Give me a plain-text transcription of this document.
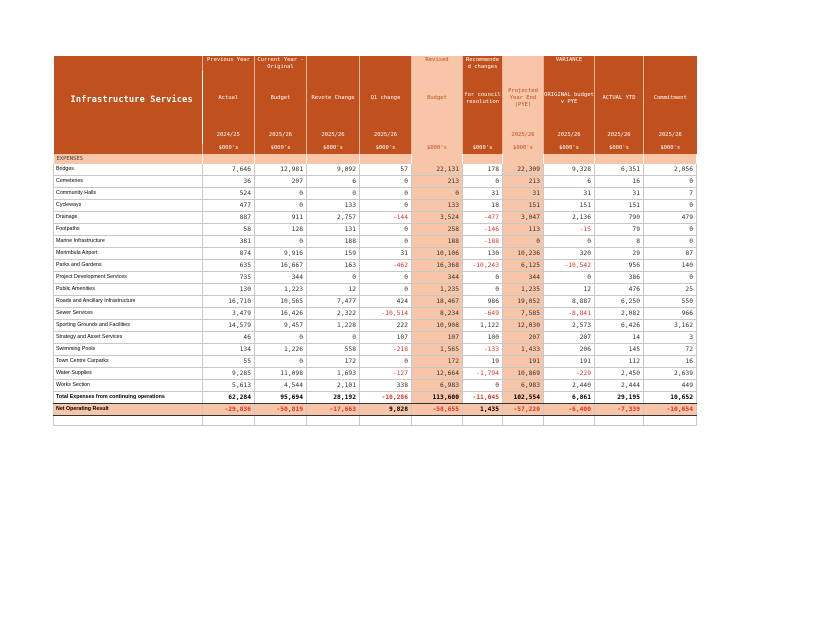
Infrastructure Services	Previous Year	Current Year -Original			Revised	Recommende d changes		VARIANCE		
	Actual	Budget	Revote Change	Q1 change	Budget	for council resolution	Projected Year End (PYE)	ORIGINAL budget v PYE	ACTUAL YTD	Commitment

	2024/25	2025/26	2025/26	2025/26			2025/26	2025/26	2025/26	2025/26
	$000's	$000's	$000's	$000's	$000's	$000's	$000's	$000's	$000's	$000's
EXPENSES										
Bridges	7,646	12,981	9,092	57	22,131	178	22,309	9,328	6,351	2,056
Cemeteries	36	207	6	0	213	0	213	6	16	0
Community Halls	524	0	0	0	0	31	31	31	31	7
Cycleways	477	0	133	0	133	18	151	151	151	0
Drainage	887	911	2,757	-144	3,524	-477	3,047	2,136	790	479
Footpaths	58	128	131	0	258	-146	113	-15	79	0
Marine Infrastructure	381	0	188	0	188	-188	0	0	8	0
Merimbula Airport	874	9,916	159	31	10,106	130	10,236	320	29	87
Parks and Gardens	635	16,667	163	-462	16,368	-10,243	6,125	-10,542	956	140
Project Development Services	735	344	0	0	344	0	344	0	386	0
Public Amenities	130	1,223	12	0	1,235	0	1,235	12	476	25
Roads and Ancillary Infrastructure	16,710	10,565	7,477	424	18,467	986	19,052	8,887	6,250	550
Sewer Services	3,479	16,426	2,322	-10,514	8,234	-649	7,585	-8,841	2,082	966
Sporting Grounds and Facilities	14,579	9,457	1,228	222	10,908	1,122	12,030	2,573	6,426	3,162
Strategy and Asset Services	46	0	0	107	107	100	207	207	14	3
Swimming Pools	134	1,226	558	-218	1,565	-133	1,433	206	145	72
Town Centre Carparks	55	0	172	0	172	19	191	191	112	16
Water Supplies	9,285	11,098	1,693	-127	12,664	-1,794	10,869	-229	2,450	2,639
Works Section	5,613	4,544	2,101	338	6,983	0	6,983	2,440	2,444	449
Total Expenses from continuing operations	62,284	95,694	28,192	-10,286	113,600	-11,045	102,554	6,861	29,195	10,652
Net Operating Result	-29,836	-50,819	-17,663	9,828	-58,655	1,435	-57,220	-6,400	-7,339	-10,654
